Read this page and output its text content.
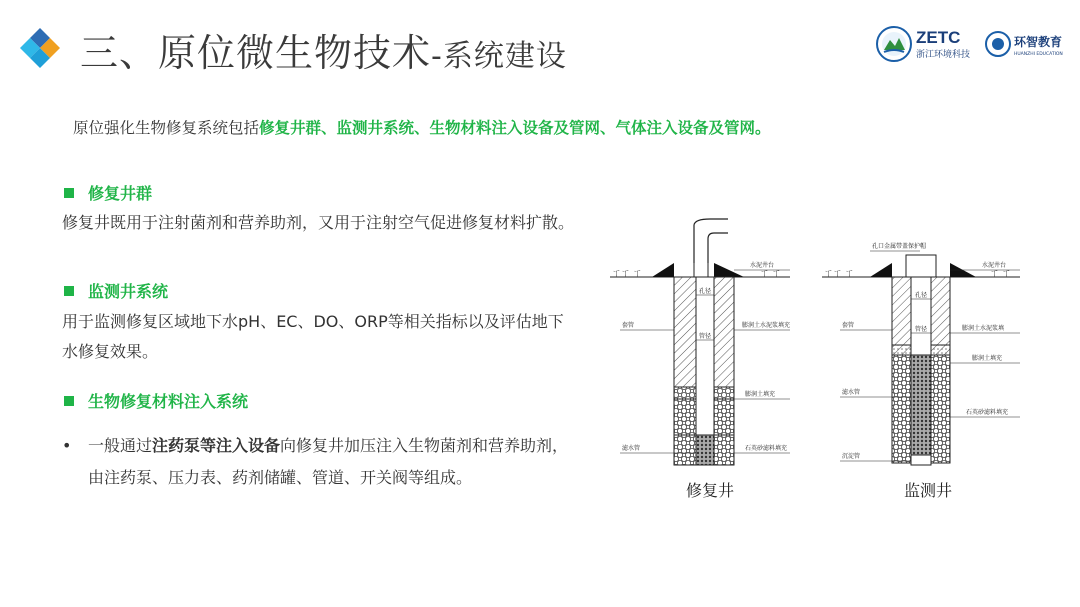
三、原位微生物技术-系统建设
ZETC
浙江环境科技
环智教育
HUANZHI EDUCATION
原位强化生物修复系统包括修复井群、监测井系统、生物材料注入设备及管网、气体注入设备及管网。
修复井群
修复井既用于注射菌剂和营养助剂，又用于注射空气促进修复材料扩散。
监测井系统
用于监测修复区域地下水pH、EC、DO、ORP等相关指标以及评估地下水修复效果。
生物修复材料注入系统
• 一般通过注药泵等注入设备向修复井加压注入生物菌剂和营养助剂，由注药泵、压力表、药剂储罐、管道、开关阀等组成。
ㄒㄒ ㄒ	ㄒ ㄒ
孔径
管径
水泥井台
套管	膨润土水泥浆填充
膨润土填充
滤水管	石英砂滤料填充
ㄒㄒ ㄒ	ㄒ ㄒ
孔口金属带盖保护帽
孔径
管径
水泥井台
套管	膨润土水泥浆填
膨润土填充
滤水管
石英砂滤料填充
沉淀管
修复井	监测井
